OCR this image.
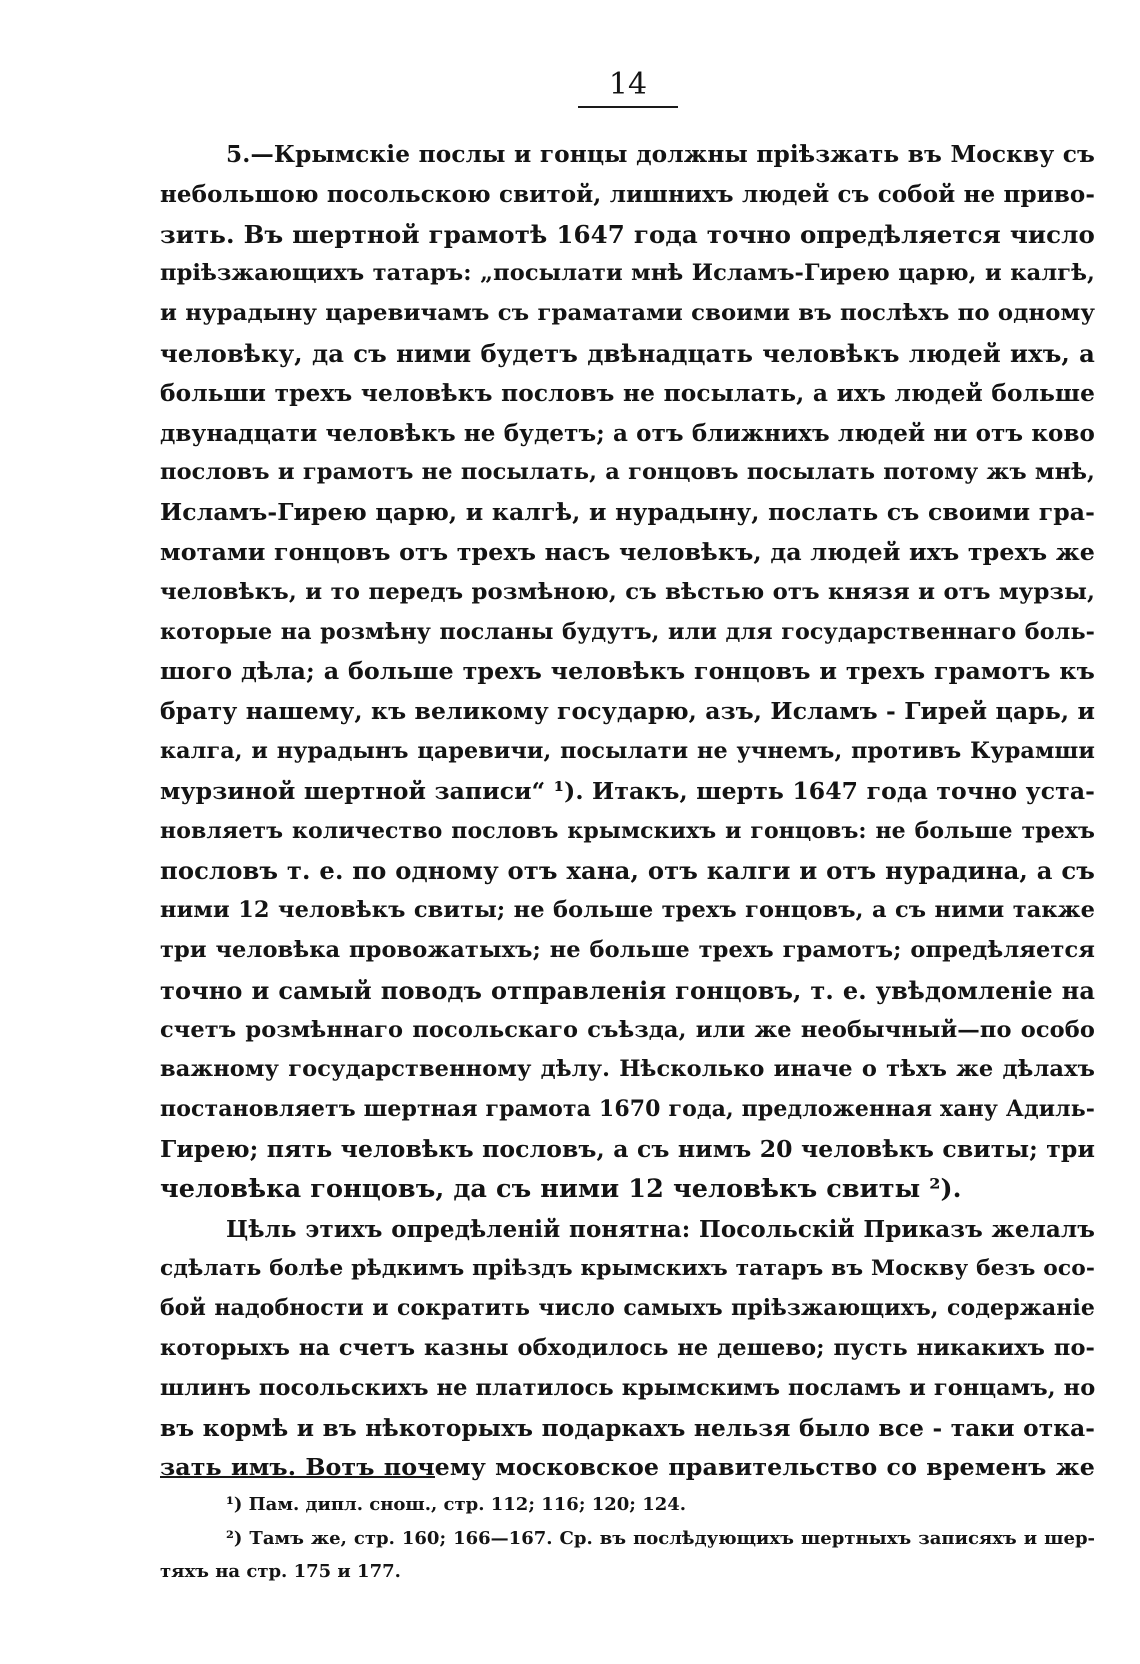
14
5.—Крымскiе послы и гонцы должны прiѣзжать въ Москву съ
небольшою посольскою свитой, лишнихъ людей съ собой не приво-
зить. Въ шертной грамотѣ 1647 года точно опредѣляется число
прiѣзжающихъ татаръ: „посылати мнѣ Исламъ-Гирею царю, и калгѣ,
и нурадыну царевичамъ съ граматами своими въ послѣхъ по одному
человѣку, да съ ними будетъ двѣнадцать человѣкъ людей ихъ, а
больши трехъ человѣкъ пословъ не посылать, а ихъ людей больше
двунадцати человѣкъ не будетъ; а отъ ближнихъ людей ни отъ ково
пословъ и грамотъ не посылать, а гонцовъ посылать потому жъ мнѣ,
Исламъ-Гирею царю, и калгѣ, и нурадыну, послать съ своими гра-
мотами гонцовъ отъ трехъ насъ человѣкъ, да людей ихъ трехъ же
человѣкъ, и то передъ розмѣною, съ вѣстью отъ князя и отъ мурзы,
которые на розмѣну посланы будутъ, или для государственнаго боль-
шого дѣла; а больше трехъ человѣкъ гонцовъ и трехъ грамотъ къ
брату нашему, къ великому государю, азъ, Исламъ - Гирей царь, и
калга, и нурадынъ царевичи, посылати не учнемъ, противъ Курамши
мурзиной шертной записи“ ¹). Итакъ, шерть 1647 года точно уста-
новляетъ количество пословъ крымскихъ и гонцовъ: не больше трехъ
пословъ т. е. по одному отъ хана, отъ калги и отъ нурадина, а съ
ними 12 человѣкъ свиты; не больше трехъ гонцовъ, а съ ними также
три человѣка провожатыхъ; не больше трехъ грамотъ; опредѣляется
точно и самый поводъ отправленiя гонцовъ, т. е. увѣдомленiе на
счетъ розмѣннаго посольскаго съѣзда, или же необычный—по особо
важному государственному дѣлу. Нѣсколько иначе о тѣхъ же дѣлахъ
постановляетъ шертная грамота 1670 года, предложенная хану Адиль-
Гирею; пять человѣкъ пословъ, а съ нимъ 20 человѣкъ свиты; три
человѣка гонцовъ, да съ ними 12 человѣкъ свиты ²).
Цѣль этихъ опредѣленiй понятна: Посольскiй Приказъ желалъ
сдѣлать болѣе рѣдкимъ прiѣздъ крымскихъ татаръ въ Москву безъ осо-
бой надобности и сократить число самыхъ прiѣзжающихъ, содержанiе
которыхъ на счетъ казны обходилось не дешево; пусть никакихъ по-
шлинъ посольскихъ не платилось крымскимъ посламъ и гонцамъ, но
въ кормѣ и въ нѣкоторыхъ подаркахъ нельзя было все - таки отка-
зать имъ. Вотъ почему московское правительство со временъ же
¹) Пам. дипл. снош., стр. 112; 116; 120; 124.
²) Тамъ же, стр. 160; 166—167. Ср. въ послѣдующихъ шертныхъ записяхъ и шер-
тяхъ на стр. 175 и 177.
